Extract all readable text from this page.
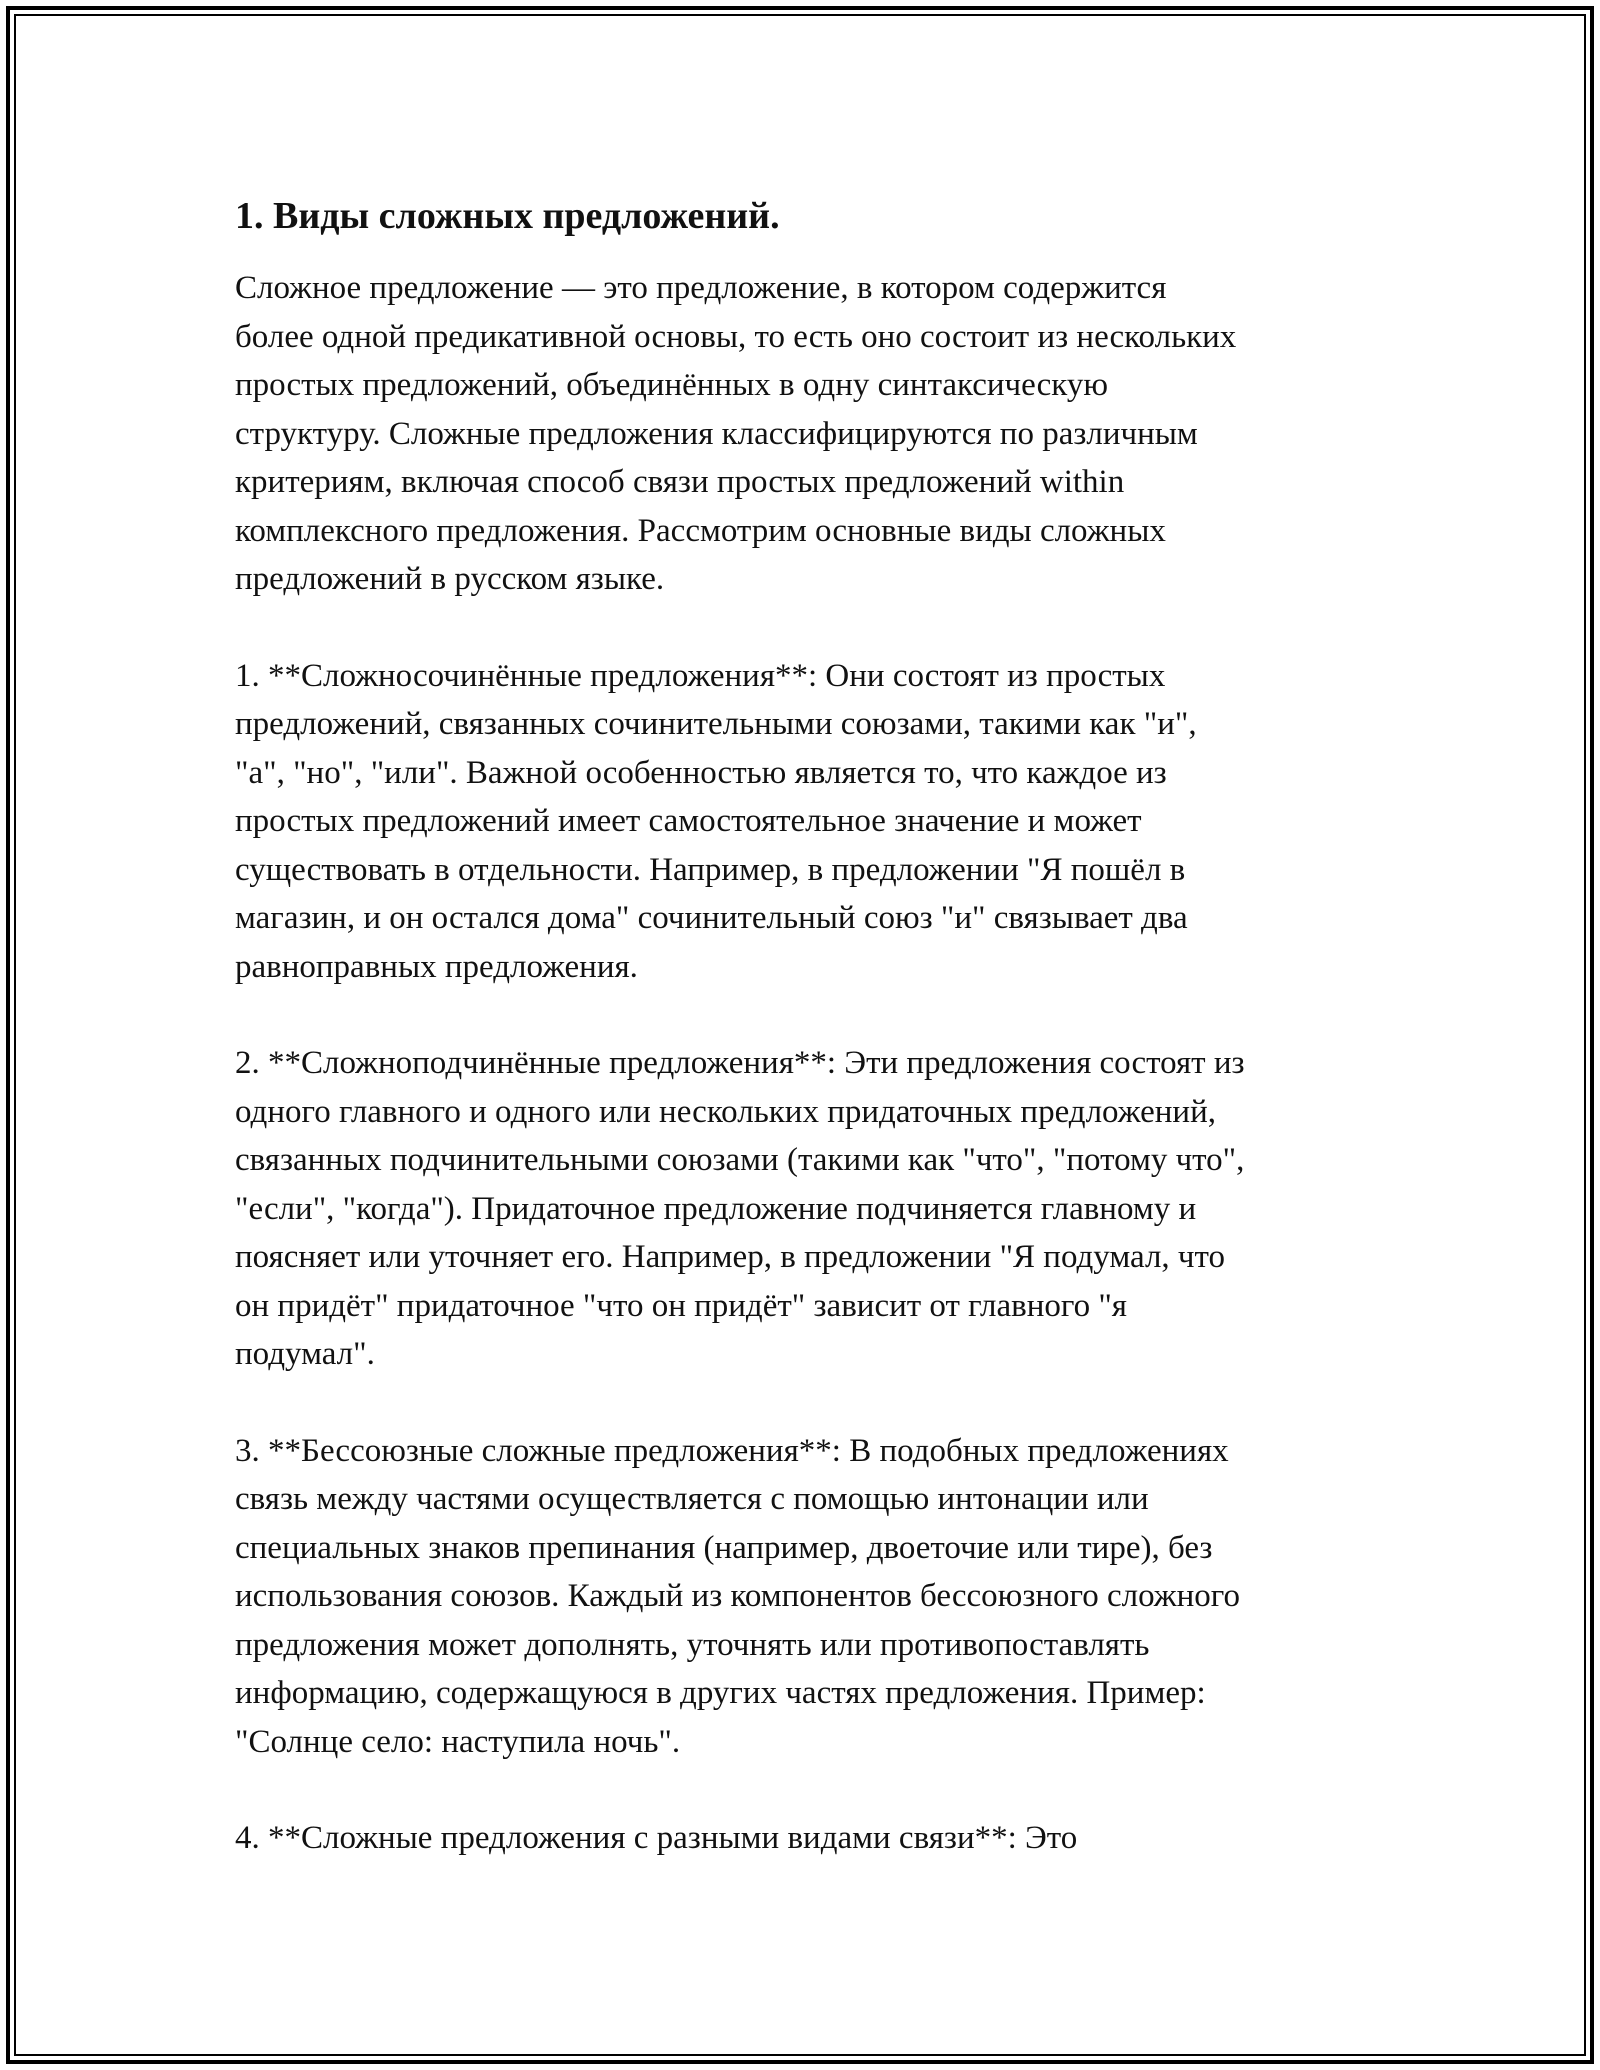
1. Виды сложных предложений.

Сложное предложение — это предложение, в котором содержится
более одной предикативной основы, то есть оно состоит из нескольких
простых предложений, объединённых в одну синтаксическую
структуру. Сложные предложения классифицируются по различным
критериям, включая способ связи простых предложений within
комплексного предложения. Рассмотрим основные виды сложных
предложений в русском языке.

1. **Сложносочинённые предложения**: Они состоят из простых
предложений, связанных сочинительными союзами, такими как "и",
"а", "но", "или". Важной особенностью является то, что каждое из
простых предложений имеет самостоятельное значение и может
существовать в отдельности. Например, в предложении "Я пошёл в
магазин, и он остался дома" сочинительный союз "и" связывает два
равноправных предложения.

2. **Сложноподчинённые предложения**: Эти предложения состоят из
одного главного и одного или нескольких придаточных предложений,
связанных подчинительными союзами (такими как "что", "потому что",
"если", "когда"). Придаточное предложение подчиняется главному и
поясняет или уточняет его. Например, в предложении "Я подумал, что
он придёт" придаточное "что он придёт" зависит от главного "я
подумал".

3. **Бессоюзные сложные предложения**: В подобных предложениях
связь между частями осуществляется с помощью интонации или
специальных знаков препинания (например, двоеточие или тире), без
использования союзов. Каждый из компонентов бессоюзного сложного
предложения может дополнять, уточнять или противопоставлять
информацию, содержащуюся в других частях предложения. Пример:
"Солнце село: наступила ночь".

4. **Сложные предложения с разными видами связи**: Это
